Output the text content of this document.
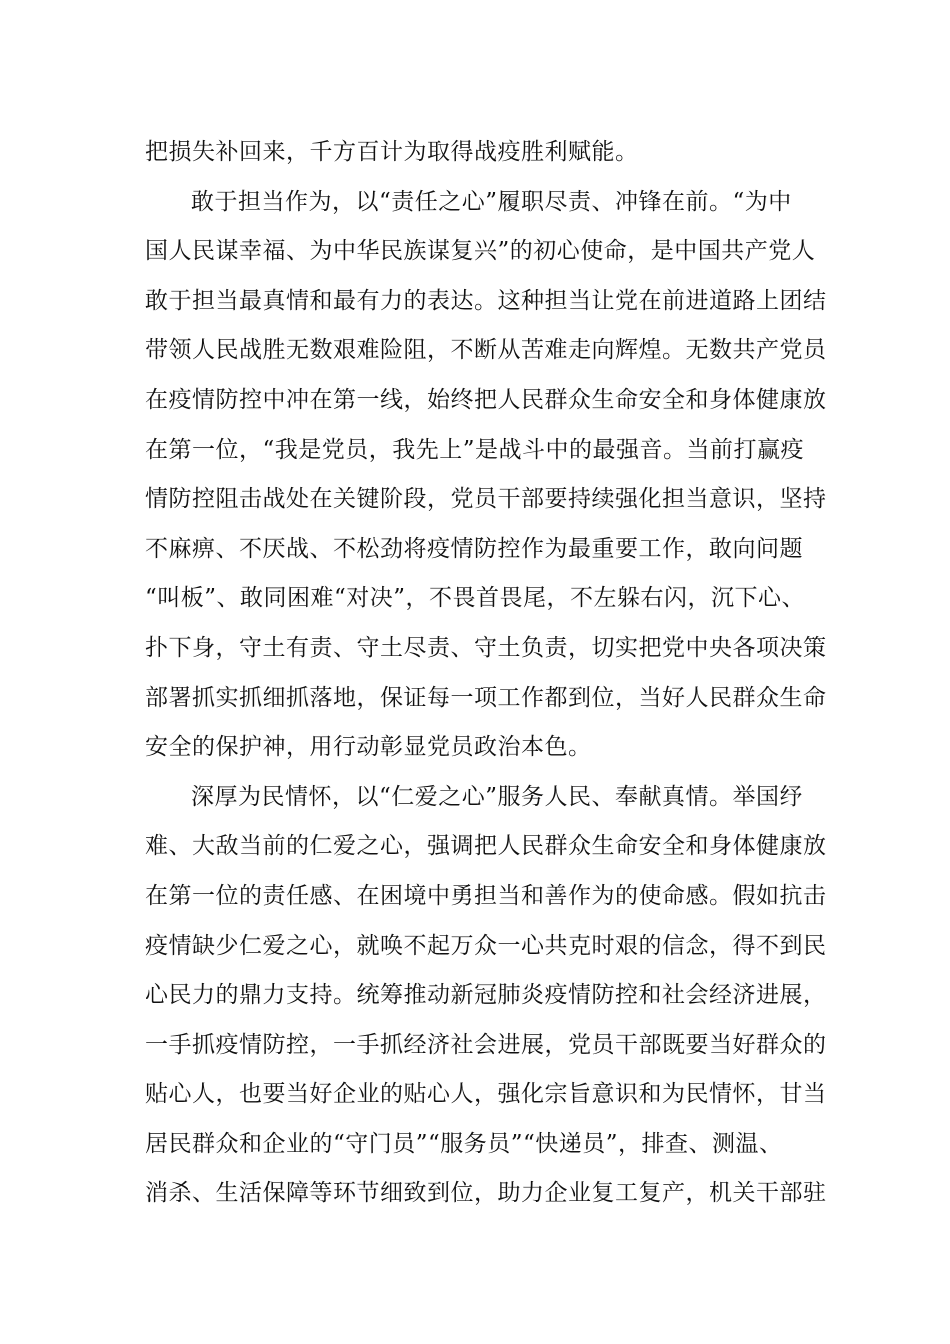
把损失补回来，千方百计为取得战疫胜利赋能。
敢于担当作为，以“责任之心”履职尽责、冲锋在前。“为中
国人民谋幸福、为中华民族谋复兴”的初心使命，是中国共产党人
敢于担当最真情和最有力的表达。这种担当让党在前进道路上团结
带领人民战胜无数艰难险阻，不断从苦难走向辉煌。无数共产党员
在疫情防控中冲在第一线，始终把人民群众生命安全和身体健康放
在第一位，“我是党员，我先上”是战斗中的最强音。当前打赢疫
情防控阻击战处在关键阶段，党员干部要持续强化担当意识，坚持
不麻痹、不厌战、不松劲将疫情防控作为最重要工作，敢向问题
“叫板”、敢同困难“对决”，不畏首畏尾，不左躲右闪，沉下心、
扑下身，守土有责、守土尽责、守土负责，切实把党中央各项决策
部署抓实抓细抓落地，保证每一项工作都到位，当好人民群众生命
安全的保护神，用行动彰显党员政治本色。
深厚为民情怀，以“仁爱之心”服务人民、奉献真情。举国纾
难、大敌当前的仁爱之心，强调把人民群众生命安全和身体健康放
在第一位的责任感、在困境中勇担当和善作为的使命感。假如抗击
疫情缺少仁爱之心，就唤不起万众一心共克时艰的信念，得不到民
心民力的鼎力支持。统筹推动新冠肺炎疫情防控和社会经济进展，
一手抓疫情防控，一手抓经济社会进展，党员干部既要当好群众的
贴心人，也要当好企业的贴心人，强化宗旨意识和为民情怀，甘当
居民群众和企业的“守门员”“服务员”“快递员”，排查、测温、
消杀、生活保障等环节细致到位，助力企业复工复产，机关干部驻
